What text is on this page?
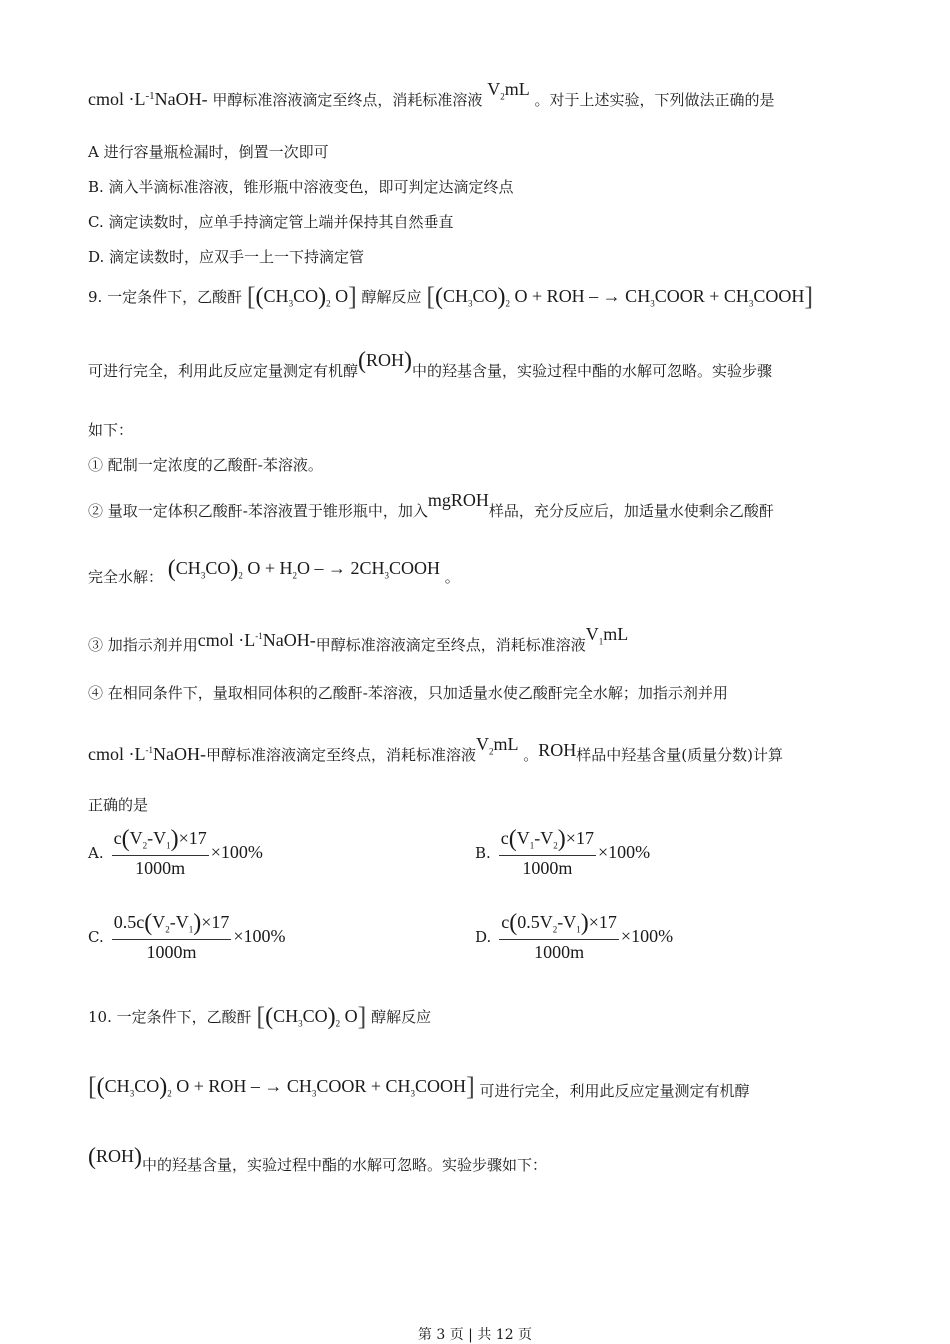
cmol $\cdot L^{-1}NaOH-$ 甲醇标准溶液滴定至终点，消耗标准溶液 $V_2mL$ 。对于上述实验，下列做法正确的是
A 进行容量瓶检漏时，倒置一次即可
B. 滴入半滴标准溶液，锥形瓶中溶液变色，即可判定达滴定终点
C. 滴定读数时，应单手持滴定管上端并保持其自然垂直
D. 滴定读数时，应双手一上一下持滴定管
9. 一定条件下，乙酸酐 [$(CH_3CO)_2$ O] 醇解反应 [$(CH_3CO)_2$ O + ROH – → $CH_3COOR$ + $CH_3COOH$]
可进行完全，利用此反应定量测定有机醇(ROH)中的羟基含量，实验过程中酯的水解可忽略。实验步骤
如下：
① 配制一定浓度的乙酸酐-苯溶液。
② 量取一定体积乙酸酐-苯溶液置于锥形瓶中，加入mgROH样品，充分反应后，加适量水使剩余乙酸酐
完全水解： $(CH_3CO)_2$ $O + H_2O$ – → $2CH_3COOH$ 。
③ 加指示剂并用cmol $\cdot L^{-1}NaOH-$甲醇标准溶液滴定至终点，消耗标准溶液$V_1mL$
④ 在相同条件下，量取相同体积的乙酸酐-苯溶液，只加适量水使乙酸酐完全水解；加指示剂并用
cmol $\cdot L^{-1}NaOH-$甲醇标准溶液滴定至终点，消耗标准溶液$V_2mL$ 。ROH样品中羟基含量(质量分数)计算
正确的是
A. $\frac{c(V_2-V_1)\times 17}{1000m} \times 100\%$	B. $\frac{c(V_1-V_2)\times 17}{1000m} \times 100\%$
C. $\frac{0.5c(V_2-V_1)\times 17}{1000m} \times 100\%$	D. $\frac{c(0.5V_2-V_1)\times 17}{1000m} \times 100\%$
10. 一定条件下，乙酸酐 [$(CH_3CO)_2$ O] 醇解反应
[$(CH_3CO)_2$ O + ROH – → $CH_3COOR$ + $CH_3COOH$] 可进行完全，利用此反应定量测定有机醇
(ROH)中的羟基含量，实验过程中酯的水解可忽略。实验步骤如下：
第 3 页 | 共 12 页
